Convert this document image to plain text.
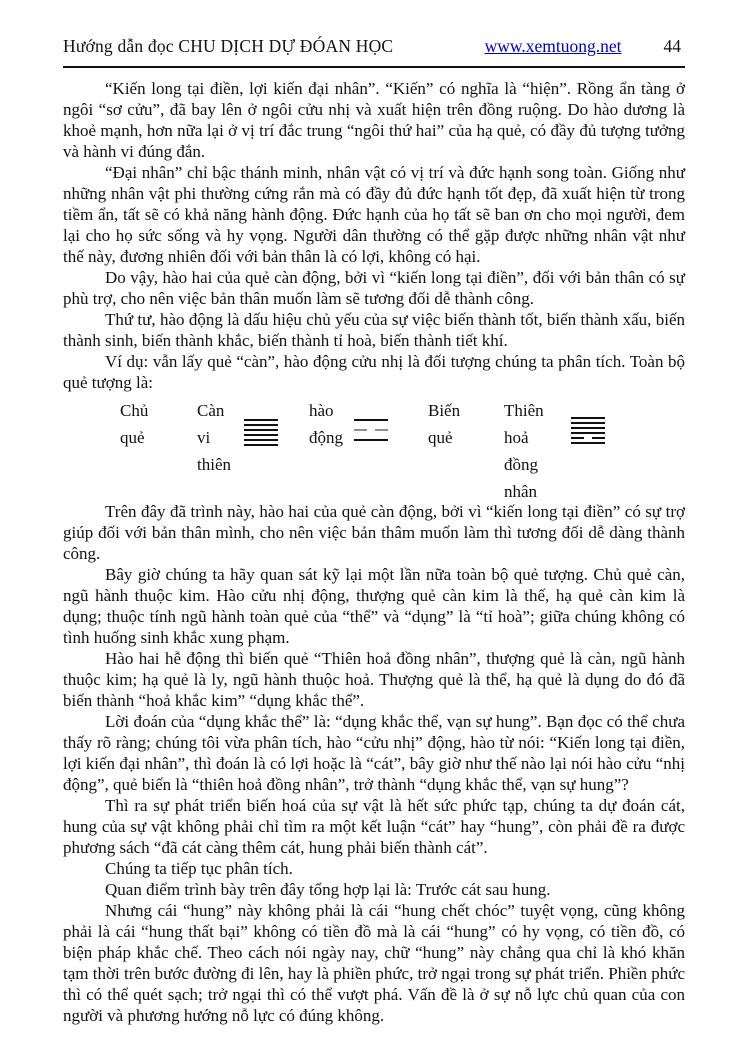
Hướng dẫn đọc CHU DỊCH DỰ ĐÓAN HỌC	www.xemtuong.net 44

“Kiến long tại điền, lợi kiến đại nhân”. “Kiến” có nghĩa là “hiện”. Rồng ẩn tàng ở ngôi “sơ cửu”, đã bay lên ở ngôi cửu nhị và xuất hiện trên đồng ruộng. Do hào dương là khoẻ mạnh, hơn nữa lại ở vị trí đắc trung “ngôi thứ hai” của hạ quẻ, có đầy đủ tượng tưởng và hành vi đúng đắn.

“Đại nhân” chỉ bậc thánh minh, nhân vật có vị trí và đức hạnh song toàn. Giống như những nhân vật phi thường cứng rắn mà có đầy đủ đức hạnh tốt đẹp, đã xuất hiện từ trong tiềm ẩn, tất sẽ có khả năng hành động. Đức hạnh của họ tất sẽ ban ơn cho mọi người, đem lại cho họ sức sống và hy vọng. Người dân thường có thể gặp được những nhân vật như thế này, đương nhiên đối với bản thân là có lợi, không có hại.

Do vậy, hào hai của quẻ càn động, bởi vì “kiến long tại điền”, đối với bản thân có sự phù trợ, cho nên việc bản thân muốn làm sẽ tương đối dễ thành công.

Thứ tư, hào động là dấu hiệu chủ yếu của sự việc biến thành tốt, biến thành xấu, biến thành sinh, biến thành khắc, biến thành tỉ hoà, biến thành tiết khí.

Ví dụ: vẫn lấy quẻ “càn”, hào động cửu nhị là đối tượng chúng ta phân tích. Toàn bộ quẻ tượng là:

Chủ
quẻ
Càn
vi
thiên
hào
động
Biến
quẻ
Thiên
hoả
đồng
nhân

Trên đây đã trình này, hào hai của quẻ càn động, bởi vì “kiến long tại điền” có sự trợ giúp đối với bản thân mình, cho nên việc bản thâm muốn làm thì tương đối dễ dàng thành công.

Bây giờ chúng ta hãy quan sát kỹ lại một lần nữa toàn bộ quẻ tượng. Chủ quẻ càn, ngũ hành thuộc kim. Hào cửu nhị động, thượng quẻ càn kim là thế, hạ quẻ càn kim là dụng; thuộc tính ngũ hành toàn quẻ của “thể” và “dụng” là “tỉ hoà”; giữa chúng không có tình huống sinh khắc xung phạm.

Hào hai hễ động thì biến quẻ “Thiên hoả đồng nhân”, thượng quẻ là càn, ngũ hành thuộc kim; hạ quẻ là ly, ngũ hành thuộc hoả. Thượng quẻ là thể, hạ quẻ là dụng do đó đã biến thành “hoả khắc kim” “dụng khắc thể”.

Lời đoán của “dụng khắc thể” là: “dụng khắc thể, vạn sự hung”. Bạn đọc có thể chưa thấy rõ ràng; chúng tôi vừa phân tích, hào “cửu nhị” động, hào từ nói: “Kiến long tại điền, lợi kiến đại nhân”, thì đoán là có lợi hoặc là “cát”, bây giờ như thế nào lại nói hào cửu “nhị động”, quẻ biến là “thiên hoả đồng nhân”, trở thành “dụng khắc thể, vạn sự hung”?

Thì ra sự phát triển biến hoá của sự vật là hết sức phức tạp, chúng ta dự đoán cát, hung của sự vật không phải chỉ tìm ra một kết luận “cát” hay “hung”, còn phải đề ra được phương sách “đã cát càng thêm cát, hung phải biến thành cát”.

Chúng ta tiếp tục phân tích.

Quan điểm trình bày trên đây tổng hợp lại là: Trước cát sau hung.

Nhưng cái “hung” này không phải là cái “hung chết chóc” tuyệt vọng, cũng không phải là cái “hung thất bại” không có tiền đồ mà là cái “hung” có hy vọng, có tiền đồ, có biện pháp khắc chế. Theo cách nói ngày nay, chữ “hung” này chẳng qua chỉ là khó khăn tạm thời trên bước đường đi lên, hay là phiền phức, trở ngại trong sự phát triển. Phiền phức thì có thể quét sạch; trở ngại thì có thể vượt phá. Vấn đề là ở sự nỗ lực chủ quan của con người và phương hướng nỗ lực có đúng không.
